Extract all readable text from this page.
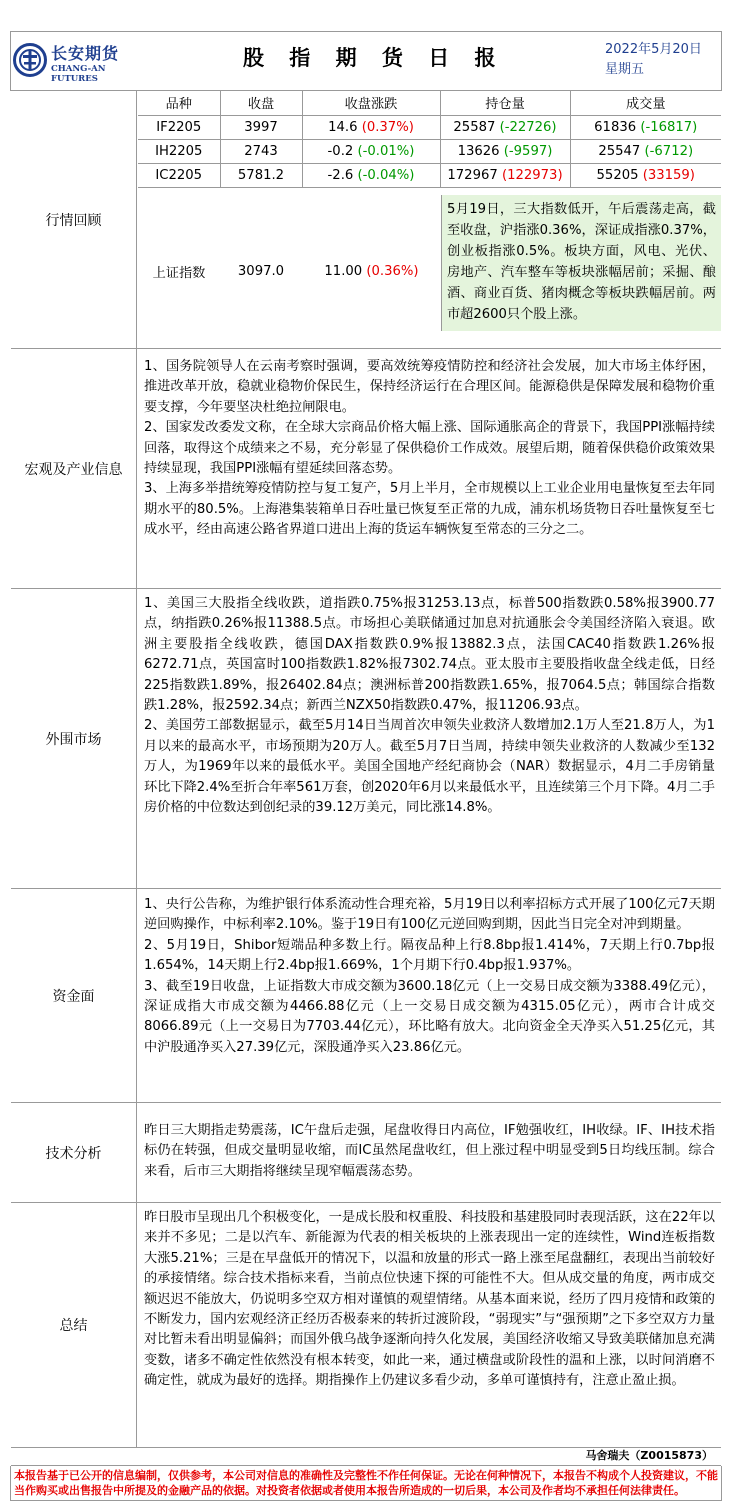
长安期货
CHANG-AN FUTURES
股 指 期 货 日 报	2022年5月20日
星期五
行情回顾
品种	收盘	收盘涨跌	持仓量	成交量
IF2205	3997	14.6 (0.37%)	25587 (-22726)	61836 (-16817)
IH2205	2743	-0.2 (-0.01%)	13626 (-9597)	25547 (-6712)
IC2205	5781.2	-2.6 (-0.04%)	172967 (122973)	55205 (33159)
上证指数	3097.0	11.00 (0.36%)
5月19日，三大指数低开，午后震荡走高，截至收盘，沪指涨0.36%，深证成指涨0.37%，创业板指涨0.5%。板块方面，风电、光伏、房地产、汽车整车等板块涨幅居前；采掘、酿酒、商业百货、猪肉概念等板块跌幅居前。两市超2600只个股上涨。
宏观及产业信息
1、国务院领导人在云南考察时强调，要高效统筹疫情防控和经济社会发展，加大市场主体纾困，推进改革开放，稳就业稳物价保民生，保持经济运行在合理区间。能源稳供是保障发展和稳物价重要支撑，今年要坚决杜绝拉闸限电。
2、国家发改委发文称，在全球大宗商品价格大幅上涨、国际通胀高企的背景下，我国PPI涨幅持续回落，取得这个成绩来之不易，充分彰显了保供稳价工作成效。展望后期，随着保供稳价政策效果持续显现，我国PPI涨幅有望延续回落态势。
3、上海多举措统筹疫情防控与复工复产，5月上半月，全市规模以上工业企业用电量恢复至去年同期水平的80.5%。上海港集装箱单日吞吐量已恢复至正常的九成，浦东机场货物日吞吐量恢复至七成水平，经由高速公路省界道口进出上海的货运车辆恢复至常态的三分之二。
外围市场
1、美国三大股指全线收跌，道指跌0.75%报31253.13点，标普500指数跌0.58%报3900.77点，纳指跌0.26%报11388.5点。市场担心美联储通过加息对抗通胀会令美国经济陷入衰退。欧洲主要股指全线收跌，德国DAX指数跌0.9%报13882.3点，法国CAC40指数跌1.26%报6272.71点，英国富时100指数跌1.82%报7302.74点。亚太股市主要股指收盘全线走低，日经225指数跌1.89%，报26402.84点；澳洲标普200指数跌1.65%，报7064.5点；韩国综合指数跌1.28%，报2592.34点；新西兰NZX50指数跌0.47%，报11206.93点。
2、美国劳工部数据显示，截至5月14日当周首次申领失业救济人数增加2.1万人至21.8万人，为1月以来的最高水平，市场预期为20万人。截至5月7日当周，持续申领失业救济的人数减少至132万人，为1969年以来的最低水平。美国全国地产经纪商协会（NAR）数据显示，4月二手房销量环比下降2.4%至折合年率561万套，创2020年6月以来最低水平，且连续第三个月下降。4月二手房价格的中位数达到创纪录的39.12万美元，同比涨14.8%。
资金面
1、央行公告称，为维护银行体系流动性合理充裕，5月19日以利率招标方式开展了100亿元7天期逆回购操作，中标利率2.10%。鉴于19日有100亿元逆回购到期，因此当日完全对冲到期量。
2、5月19日，Shibor短端品种多数上行。隔夜品种上行8.8bp报1.414%，7天期上行0.7bp报1.654%，14天期上行2.4bp报1.669%，1个月期下行0.4bp报1.937%。
3、截至19日收盘，上证指数大市成交额为3600.18亿元（上一交易日成交额为3388.49亿元），深证成指大市成交额为4466.88亿元（上一交易日成交额为4315.05亿元），两市合计成交8066.89元（上一交易日为7703.44亿元），环比略有放大。北向资金全天净买入51.25亿元，其中沪股通净买入27.39亿元，深股通净买入23.86亿元。
技术分析
昨日三大期指走势震荡，IC午盘后走强，尾盘收得日内高位，IF勉强收红，IH收绿。IF、IH技术指标仍在转强，但成交量明显收缩，而IC虽然尾盘收红，但上涨过程中明显受到5日均线压制。综合来看，后市三大期指将继续呈现窄幅震荡态势。
总结
昨日股市呈现出几个积极变化，一是成长股和权重股、科技股和基建股同时表现活跃，这在22年以来并不多见；二是以汽车、新能源为代表的相关板块的上涨表现出一定的连续性，Wind连板指数大涨5.21%；三是在早盘低开的情况下，以温和放量的形式一路上涨至尾盘翻红，表现出当前较好的承接情绪。综合技术指标来看，当前点位快速下探的可能性不大。但从成交量的角度，两市成交额迟迟不能放大，仍说明多空双方相对谨慎的观望情绪。从基本面来说，经历了四月疫情和政策的不断发力，国内宏观经济正经历否极泰来的转折过渡阶段，“弱现实”与“强预期”之下多空双方力量对比暂未看出明显偏斜；而国外俄乌战争逐渐向持久化发展，美国经济收缩又导致美联储加息充满变数，诸多不确定性依然没有根本转变，如此一来，通过横盘或阶段性的温和上涨，以时间消磨不确定性，就成为最好的选择。期指操作上仍建议多看少动，多单可谨慎持有，注意止盈止损。
马舍瑞夫（Z0015873）
本报告基于已公开的信息编制，仅供参考，本公司对信息的准确性及完整性不作任何保证。无论在何种情况下，本报告不构成个人投资建议，不能当作购买或出售报告中所提及的金融产品的依据。对投资者依据或者使用本报告所造成的一切后果，本公司及作者均不承担任何法律责任。
